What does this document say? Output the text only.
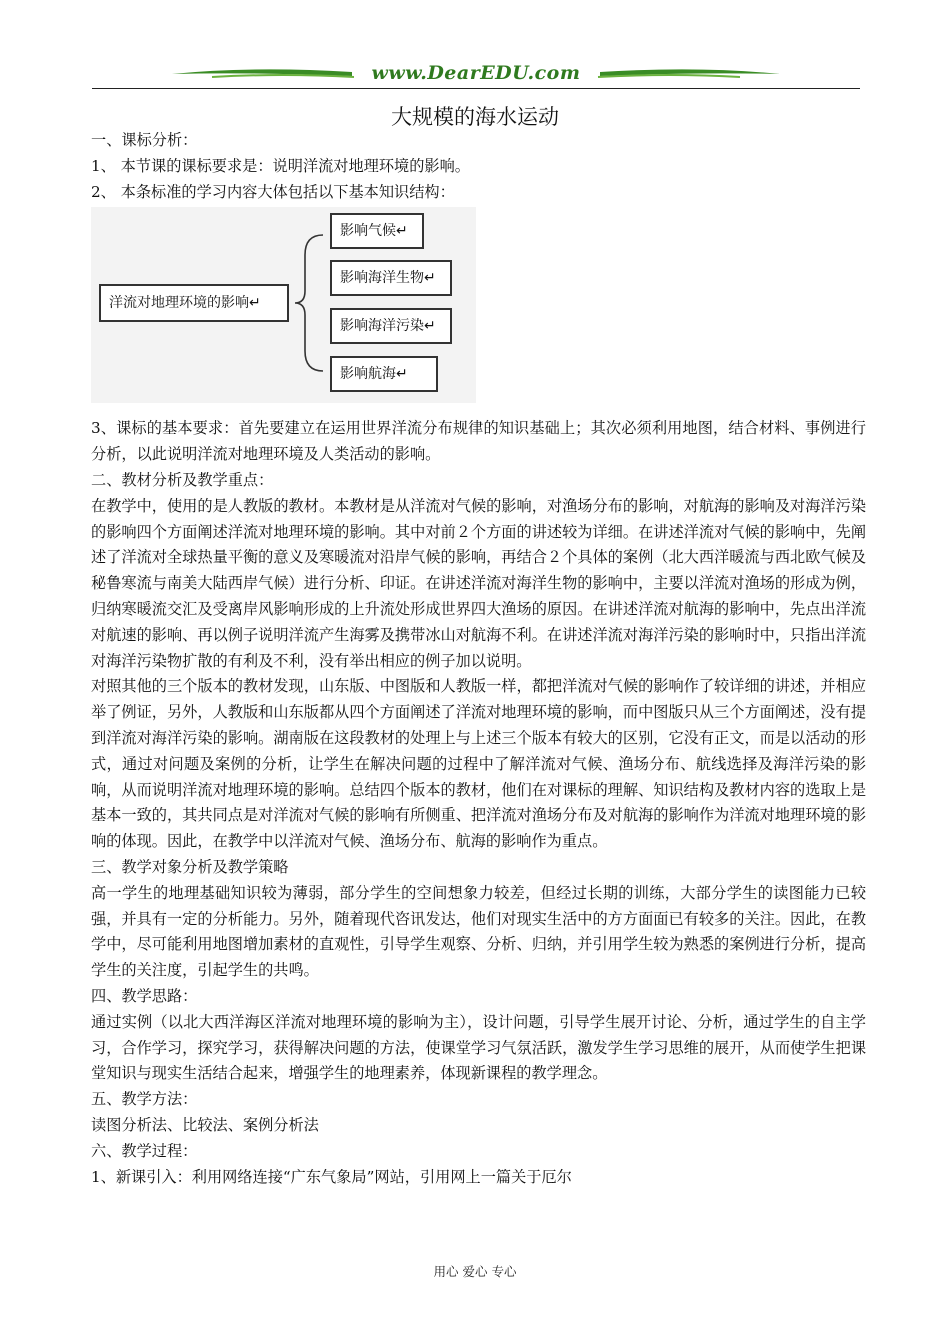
www.DearEDU.com
大规模的海水运动

一、课标分析：

1、 本节课的课标要求是：说明洋流对地理环境的影响。

2、 本条标准的学习内容大体包括以下基本知识结构：

洋流对地理环境的影响↵
影响气候↵
影响海洋生物↵
影响海洋污染↵
影响航海↵

3、课标的基本要求：首先要建立在运用世界洋流分布规律的知识基础上；其次必须利用地图，结合材料、事例进行分析，以此说明洋流对地理环境及人类活动的影响。

二、教材分析及教学重点：

在教学中，使用的是人教版的教材。本教材是从洋流对气候的影响，对渔场分布的影响，对航海的影响及对海洋污染的影响四个方面阐述洋流对地理环境的影响。其中对前２个方面的讲述较为详细。在讲述洋流对气候的影响中，先阐述了洋流对全球热量平衡的意义及寒暖流对沿岸气候的影响，再结合２个具体的案例（北大西洋暖流与西北欧气候及秘鲁寒流与南美大陆西岸气候）进行分析、印证。在讲述洋流对海洋生物的影响中，主要以洋流对渔场的形成为例，归纳寒暖流交汇及受离岸风影响形成的上升流处形成世界四大渔场的原因。在讲述洋流对航海的影响中，先点出洋流对航速的影响、再以例子说明洋流产生海雾及携带冰山对航海不利。在讲述洋流对海洋污染的影响时中，只指出洋流对海洋污染物扩散的有利及不利，没有举出相应的例子加以说明。

对照其他的三个版本的教材发现，山东版、中图版和人教版一样，都把洋流对气候的影响作了较详细的讲述，并相应举了例证，另外，人教版和山东版都从四个方面阐述了洋流对地理环境的影响，而中图版只从三个方面阐述，没有提到洋流对海洋污染的影响。湖南版在这段教材的处理上与上述三个版本有较大的区别，它没有正文，而是以活动的形式，通过对问题及案例的分析，让学生在解决问题的过程中了解洋流对气候、渔场分布、航线选择及海洋污染的影响，从而说明洋流对地理环境的影响。总结四个版本的教材，他们在对课标的理解、知识结构及教材内容的选取上是基本一致的，其共同点是对洋流对气候的影响有所侧重、把洋流对渔场分布及对航海的影响作为洋流对地理环境的影响的体现。因此，在教学中以洋流对气候、渔场分布、航海的影响作为重点。

三、教学对象分析及教学策略

高一学生的地理基础知识较为薄弱，部分学生的空间想象力较差，但经过长期的训练，大部分学生的读图能力已较强，并具有一定的分析能力。另外，随着现代咨讯发达，他们对现实生活中的方方面面已有较多的关注。因此，在教学中，尽可能利用地图增加素材的直观性，引导学生观察、分析、归纳，并引用学生较为熟悉的案例进行分析，提高学生的关注度，引起学生的共鸣。

四、教学思路：

通过实例（以北大西洋海区洋流对地理环境的影响为主），设计问题，引导学生展开讨论、分析，通过学生的自主学习，合作学习，探究学习，获得解决问题的方法，使课堂学习气氛活跃，激发学生学习思维的展开，从而使学生把课堂知识与现实生活结合起来，增强学生的地理素养，体现新课程的教学理念。

五、教学方法：

读图分析法、比较法、案例分析法

六、教学过程：

1、新课引入：利用网络连接“广东气象局”网站，引用网上一篇关于厄尔

用心 爱心 专心
